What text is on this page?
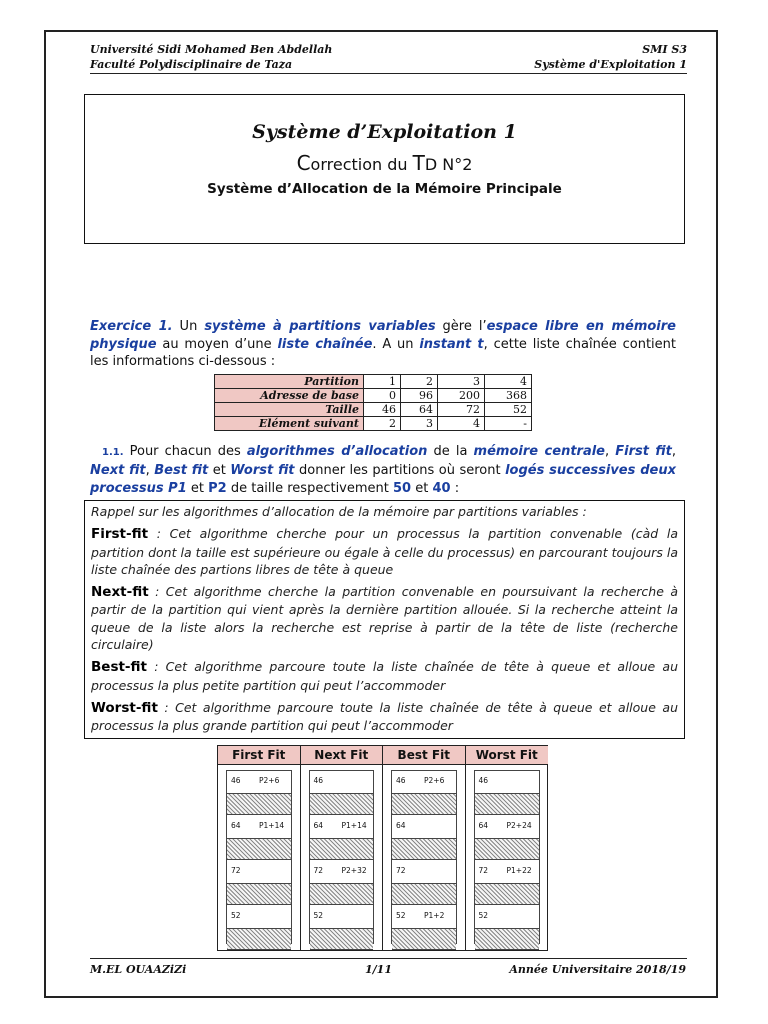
Université Sidi Mohamed Ben Abdellah
Faculté Polydisciplinaire de Taza
SMI S3
Système d'Exploitation 1
Système d’Exploitation 1
Correction du TD N°2
Système d’Allocation de la Mémoire Principale
Exercice 1. Un système à partitions variables gère l’espace libre en mémoire physique au moyen d’une liste chaînée. A un instant t, cette liste chaînée contient les informations ci-dessous :
Partition	1	2	3	4
Adresse de base	0	96	200	368
Taille	46	64	72	52
Elément suivant	2	3	4	-
1.1. Pour chacun des algorithmes d’allocation de la mémoire centrale, First fit, Next fit, Best fit et Worst fit donner les partitions où seront logés successives deux processus P1 et P2 de taille respectivement 50 et 40 :

Rappel sur les algorithmes d’allocation de la mémoire par partitions variables :

First-fit : Cet algorithme cherche pour un processus la partition convenable (càd la partition dont la taille est supérieure ou égale à celle du processus) en parcourant toujours la liste chaînée des partions libres de tête à queue

Next-fit : Cet algorithme cherche la partition convenable en poursuivant la recherche à partir de la partition qui vient après la dernière partition allouée. Si la recherche atteint la queue de la liste alors la recherche est reprise à partir de la tête de liste (recherche circulaire)

Best-fit : Cet algorithme parcoure toute la liste chaînée de tête à queue et alloue au processus la plus petite partition qui peut l’accommoder

Worst-fit : Cet algorithme parcoure toute la liste chaînée de tête à queue et alloue au processus la plus grande partition qui peut l’accommoder

First Fit
46 P2+6
64 P1+14
72
52
Next Fit
46
64 P1+14
72 P2+32
52
Best Fit
46 P2+6
64
72
52 P1+2
Worst Fit
46
64 P2+24
72 P1+22
52
M.EL OUAAZiZi	1/11	Année Universitaire 2018/19
